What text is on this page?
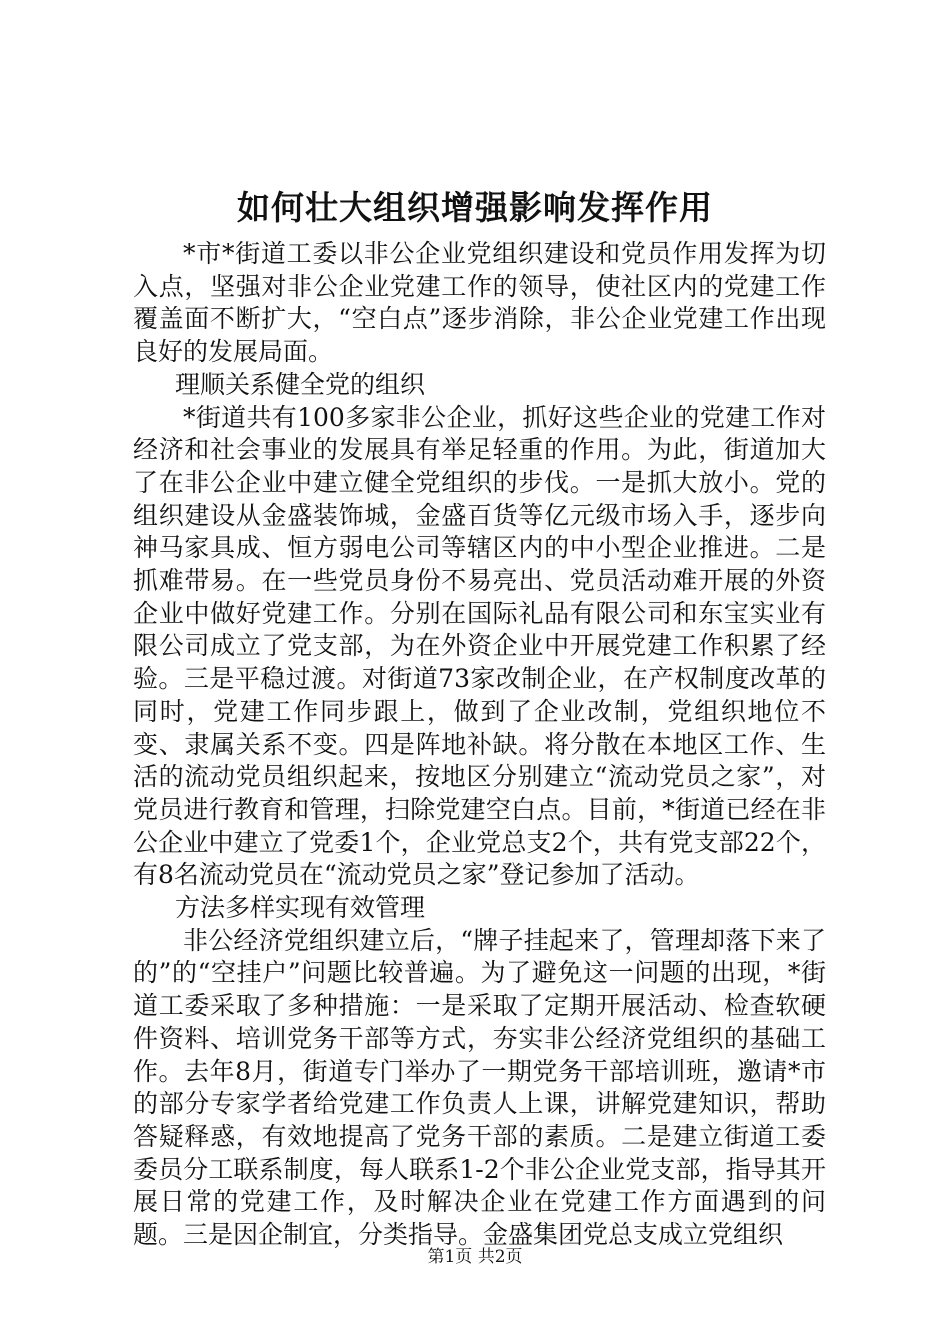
如何壮大组织增强影响发挥作用

*市*街道工委以非公企业党组织建设和党员作用发挥为切入点，坚强对非公企业党建工作的领导，使社区内的党建工作覆盖面不断扩大，“空白点”逐步消除，非公企业党建工作出现良好的发展局面。

理顺关系健全党的组织

*街道共有100多家非公企业，抓好这些企业的党建工作对经济和社会事业的发展具有举足轻重的作用。为此，街道加大了在非公企业中建立健全党组织的步伐。一是抓大放小。党的组织建设从金盛装饰城，金盛百货等亿元级市场入手，逐步向神马家具成、恒方弱电公司等辖区内的中小型企业推进。二是抓难带易。在一些党员身份不易亮出、党员活动难开展的外资企业中做好党建工作。分别在国际礼品有限公司和东宝实业有限公司成立了党支部，为在外资企业中开展党建工作积累了经验。三是平稳过渡。对街道73家改制企业，在产权制度改革的同时，党建工作同步跟上，做到了企业改制，党组织地位不变、隶属关系不变。四是阵地补缺。将分散在本地区工作、生活的流动党员组织起来，按地区分别建立“流动党员之家”，对党员进行教育和管理，扫除党建空白点。目前，*街道已经在非公企业中建立了党委1个，企业党总支2个，共有党支部22个，有8名流动党员在“流动党员之家”登记参加了活动。

方法多样实现有效管理

非公经济党组织建立后，“牌子挂起来了，管理却落下来了的”的“空挂户”问题比较普遍。为了避免这一问题的出现，*街道工委采取了多种措施：一是采取了定期开展活动、检查软硬件资料、培训党务干部等方式，夯实非公经济党组织的基础工作。去年8月，街道专门举办了一期党务干部培训班，邀请*市的部分专家学者给党建工作负责人上课，讲解党建知识，帮助答疑释惑，有效地提高了党务干部的素质。二是建立街道工委委员分工联系制度，每人联系1-2个非公企业党支部，指导其开展日常的党建工作，及时解决企业在党建工作方面遇到的问题。三是因企制宜，分类指导。金盛集团党总支成立党组织

第1页 共2页
